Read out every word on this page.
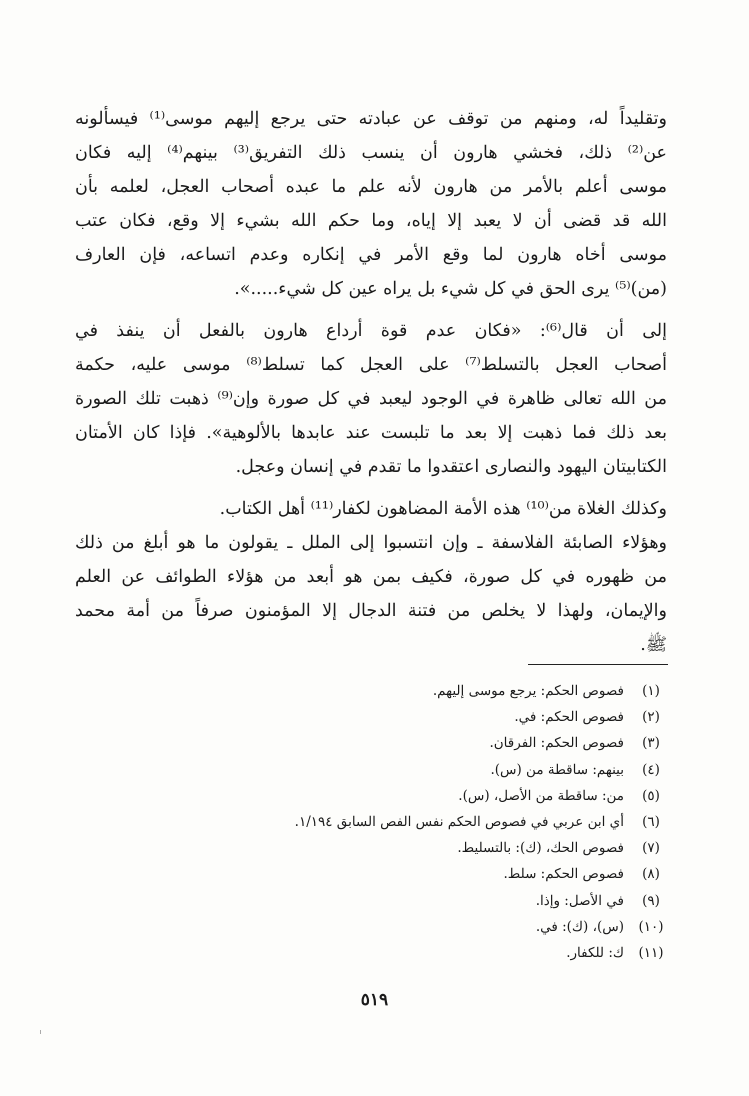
وتقليداً له، ومنهم من توقف عن عبادته حتى يرجع إليهم موسى⁽¹⁾ فيسألونه
عن⁽²⁾ ذلك، فخشي هارون أن ينسب ذلك التفريق⁽³⁾ بينهم⁽⁴⁾ إليه فكان
موسى أعلم بالأمر من هارون لأنه علم ما عبده أصحاب العجل، لعلمه بأن
الله قد قضى أن لا يعبد إلا إياه، وما حكم الله بشيء إلا وقع، فكان عتب
موسى أخاه هارون لما وقع الأمر في إنكاره وعدم اتساعه، فإن العارف
(من)⁽⁵⁾ يرى الحق في كل شيء بل يراه عين كل شيء.....».
إلى أن قال⁽⁶⁾: «فكان عدم قوة أرداع هارون بالفعل أن ينفذ في
أصحاب العجل بالتسلط⁽⁷⁾ على العجل كما تسلط⁽⁸⁾ موسى عليه، حكمة
من الله تعالى ظاهرة في الوجود ليعبد في كل صورة وإن⁽⁹⁾ ذهبت تلك الصورة
بعد ذلك فما ذهبت إلا بعد ما تلبست عند عابدها بالألوهية». فإذا كان الأمتان
الكتابيتان اليهود والنصارى اعتقدوا ما تقدم في إنسان وعجل.
وكذلك الغلاة من⁽¹⁰⁾ هذه الأمة المضاهون لكفار⁽¹¹⁾ أهل الكتاب.
وهؤلاء الصابئة الفلاسفة ـ وإن انتسبوا إلى الملل ـ يقولون ما هو أبلغ من ذلك
من ظهوره في كل صورة، فكيف بمن هو أبعد من هؤلاء الطوائف عن العلم
والإيمان، ولهذا لا يخلص من فتنة الدجال إلا المؤمنون صرفاً من أمة محمد
ﷺ.
(١)
فصوص الحكم: يرجع موسى إليهم.
(٢)
فصوص الحكم: في.
(٣)
فصوص الحكم: الفرقان.
(٤)
بينهم: ساقطة من (س).
(٥)
من: ساقطة من الأصل، (س).
(٦)
أي ابن عربي في فصوص الحكم نفس الفص السابق ١/١٩٤.
(٧)
فصوص الحك، (ك): بالتسليط.
(٨)
فصوص الحكم: سلط.
(٩)
في الأصل: وإذا.
(١٠)
(س)، (ك): في.
(١١)
ك: للكفار.
٥١٩
